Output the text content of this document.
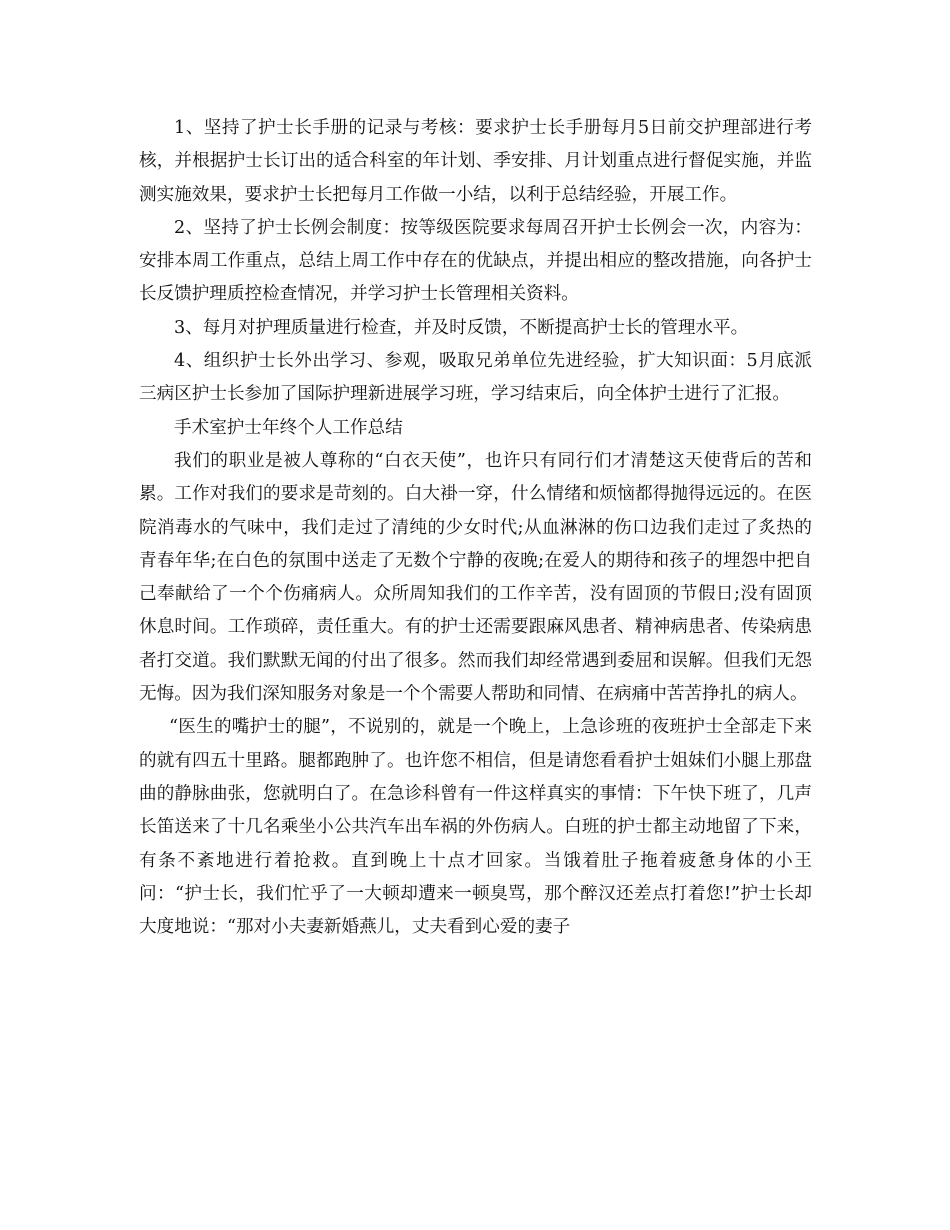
1、坚持了护士长手册的记录与考核：要求护士长手册每月5日前交护理部进行考核，并根据护士长订出的适合科室的年计划、季安排、月计划重点进行督促实施，并监测实施效果，要求护士长把每月工作做一小结，以利于总结经验，开展工作。

2、坚持了护士长例会制度：按等级医院要求每周召开护士长例会一次，内容为：安排本周工作重点，总结上周工作中存在的优缺点，并提出相应的整改措施，向各护士长反馈护理质控检查情况，并学习护士长管理相关资料。

3、每月对护理质量进行检查，并及时反馈，不断提高护士长的管理水平。

4、组织护士长外出学习、参观，吸取兄弟单位先进经验，扩大知识面：5月底派三病区护士长参加了国际护理新进展学习班，学习结束后，向全体护士进行了汇报。

手术室护士年终个人工作总结

我们的职业是被人尊称的“白衣天使”，也许只有同行们才清楚这天使背后的苦和累。工作对我们的要求是苛刻的。白大褂一穿，什么情绪和烦恼都得抛得远远的。在医院消毒水的气味中，我们走过了清纯的少女时代;从血淋淋的伤口边我们走过了炙热的青春年华;在白色的氛围中送走了无数个宁静的夜晚;在爱人的期待和孩子的埋怨中把自己奉献给了一个个伤痛病人。众所周知我们的工作辛苦，没有固顶的节假日;没有固顶休息时间。工作琐碎，责任重大。有的护士还需要跟麻风患者、精神病患者、传染病患者打交道。我们默默无闻的付出了很多。然而我们却经常遇到委屈和误解。但我们无怨无悔。因为我们深知服务对象是一个个需要人帮助和同情、在病痛中苦苦挣扎的病人。

“医生的嘴护士的腿”，不说别的，就是一个晚上，上急诊班的夜班护士全部走下来的就有四五十里路。腿都跑肿了。也许您不相信，但是请您看看护士姐妹们小腿上那盘曲的静脉曲张，您就明白了。在急诊科曾有一件这样真实的事情：下午快下班了，几声长笛送来了十几名乘坐小公共汽车出车祸的外伤病人。白班的护士都主动地留了下来，有条不紊地进行着抢救。直到晚上十点才回家。当饿着肚子拖着疲惫身体的小王问：“护士长，我们忙乎了一大顿却遭来一顿臭骂，那个醉汉还差点打着您!”护士长却大度地说：“那对小夫妻新婚燕儿，丈夫看到心爱的妻子
